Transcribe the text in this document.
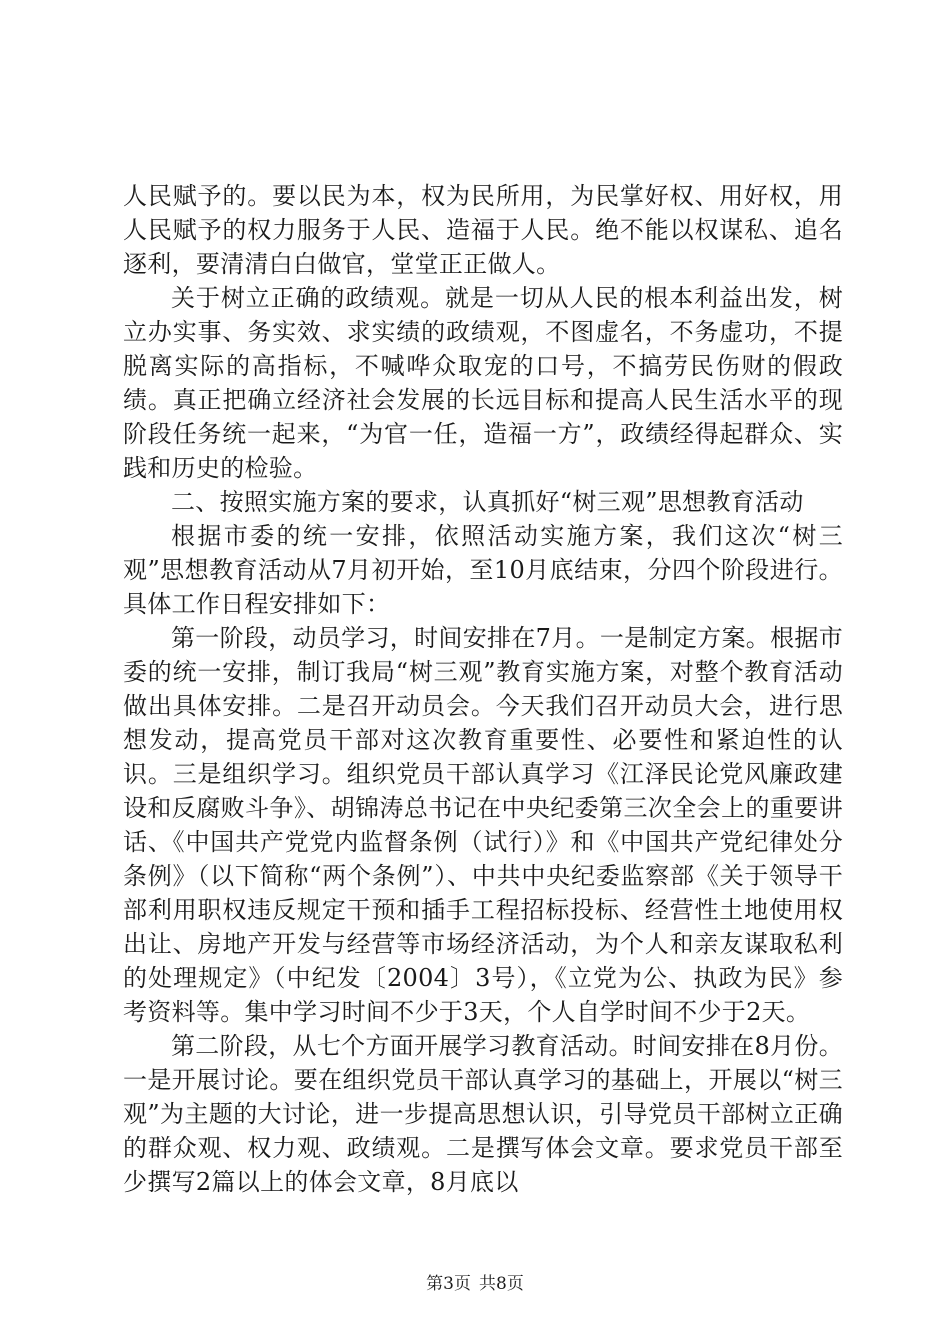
人民赋予的。要以民为本，权为民所用，为民掌好权、用好权，用人民赋予的权力服务于人民、造福于人民。绝不能以权谋私、追名逐利，要清清白白做官，堂堂正正做人。

关于树立正确的政绩观。就是一切从人民的根本利益出发，树立办实事、务实效、求实绩的政绩观，不图虚名，不务虚功，不提脱离实际的高指标，不喊哗众取宠的口号，不搞劳民伤财的假政绩。真正把确立经济社会发展的长远目标和提高人民生活水平的现阶段任务统一起来，“为官一任，造福一方”，政绩经得起群众、实践和历史的检验。

二、按照实施方案的要求，认真抓好“树三观”思想教育活动

根据市委的统一安排，依照活动实施方案，我们这次“树三观”思想教育活动从7月初开始，至10月底结束，分四个阶段进行。具体工作日程安排如下：

第一阶段，动员学习，时间安排在7月。一是制定方案。根据市委的统一安排，制订我局“树三观”教育实施方案，对整个教育活动做出具体安排。二是召开动员会。今天我们召开动员大会，进行思想发动，提高党员干部对这次教育重要性、必要性和紧迫性的认识。三是组织学习。组织党员干部认真学习《江泽民论党风廉政建设和反腐败斗争》、胡锦涛总书记在中央纪委第三次全会上的重要讲话、《中国共产党党内监督条例（试行）》和《中国共产党纪律处分条例》（以下简称“两个条例”）、中共中央纪委监察部《关于领导干部利用职权违反规定干预和插手工程招标投标、经营性土地使用权出让、房地产开发与经营等市场经济活动，为个人和亲友谋取私利的处理规定》（中纪发〔2004〕3号），《立党为公、执政为民》参考资料等。集中学习时间不少于3天，个人自学时间不少于2天。

第二阶段，从七个方面开展学习教育活动。时间安排在8月份。一是开展讨论。要在组织党员干部认真学习的基础上，开展以“树三观”为主题的大讨论，进一步提高思想认识，引导党员干部树立正确的群众观、权力观、政绩观。二是撰写体会文章。要求党员干部至少撰写2篇以上的体会文章，8月底以

第3页 共8页
